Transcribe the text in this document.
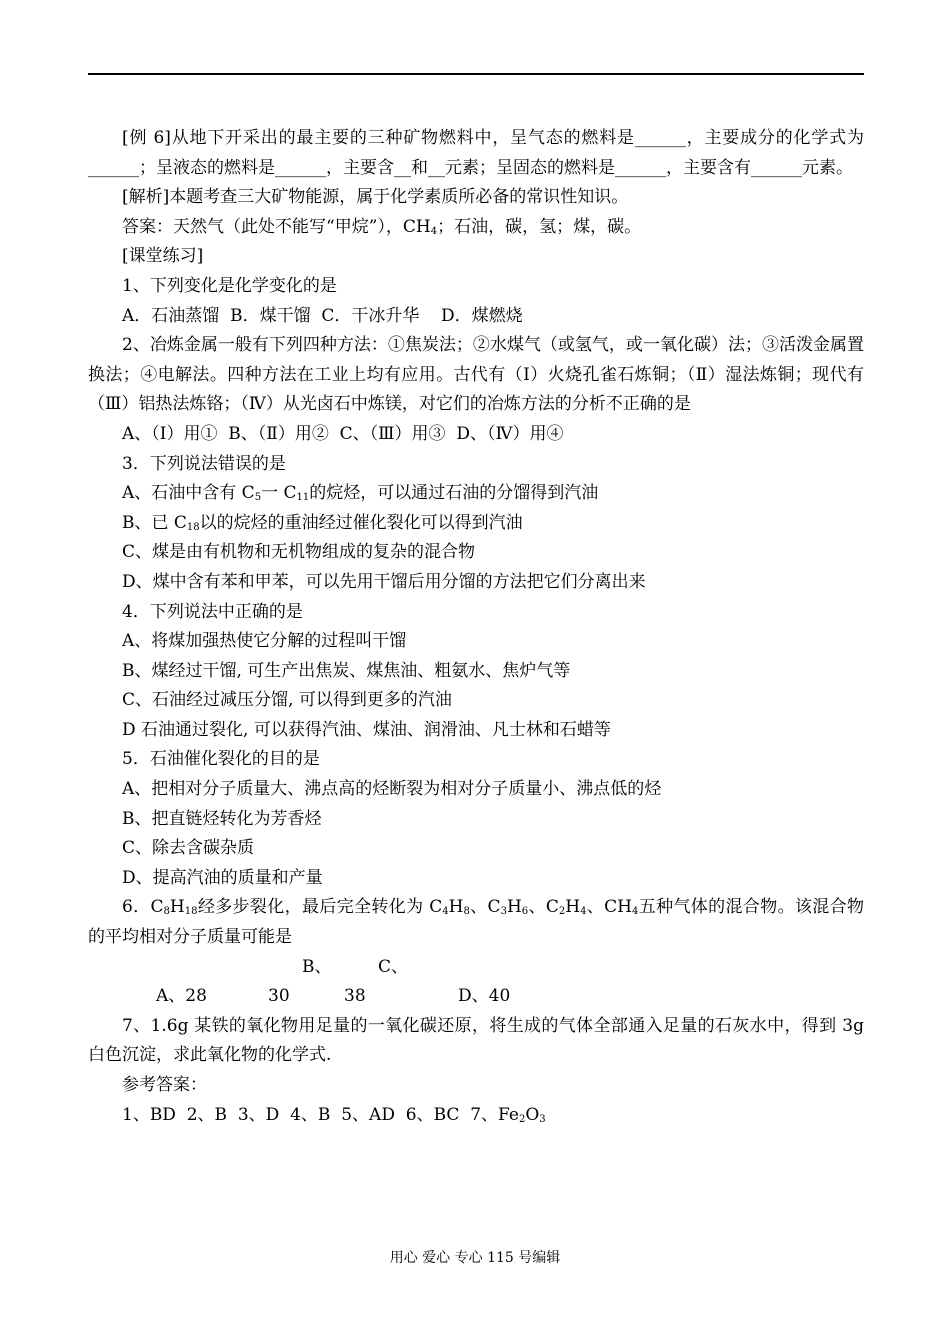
[例 6]从地下开采出的最主要的三种矿物燃料中，呈气态的燃料是______，主要成分的化学式为______；呈液态的燃料是______，主要含__和__元素；呈固态的燃料是______，主要含有______元素。

[解析]本题考查三大矿物能源，属于化学素质所必备的常识性知识。

答案：天然气（此处不能写“甲烷”），$CH_4$；石油，碳，氢；煤，碳。

[课堂练习]

1、下列变化是化学变化的是

A．石油蒸馏  B．煤干馏  C．干冰升华    D．煤燃烧

2、冶炼金属一般有下列四种方法：①焦炭法；②水煤气（或氢气，或一氧化碳）法；③活泼金属置换法；④电解法。四种方法在工业上均有应用。古代有（Ⅰ）火烧孔雀石炼铜；（Ⅱ）湿法炼铜；现代有（Ⅲ）铝热法炼铬；（Ⅳ）从光卤石中炼镁，对它们的冶炼方法的分析不正确的是

A、（Ⅰ）用①  B、（Ⅱ）用②  C、（Ⅲ）用③  D、（Ⅳ）用④

3．下列说法错误的是

A、石油中含有 $C_5$一 $C_{11}$的烷烃，可以通过石油的分馏得到汽油

B、已 $C_{18}$以的烷烃的重油经过催化裂化可以得到汽油

C、煤是由有机物和无机物组成的复杂的混合物

D、煤中含有苯和甲苯，可以先用干馏后用分馏的方法把它们分离出来

4．下列说法中正确的是

A、将煤加强热使它分解的过程叫干馏

B、煤经过干馏, 可生产出焦炭、煤焦油、粗氨水、焦炉气等

C、石油经过减压分馏, 可以得到更多的汽油

D 石油通过裂化, 可以获得汽油、煤油、润滑油、凡士林和石蜡等

5．石油催化裂化的目的是

A、把相对分子质量大、沸点高的烃断裂为相对分子质量小、沸点低的烃

B、把直链烃转化为芳香烃

C、除去含碳杂质

D、提高汽油的质量和产量

6．$C_8H_{18}$经多步裂化，最后完全转化为 $C_4H_8$、$C_3H_6$、$C_2H_4$、$CH_4$五种气体的混合物。该混合物的平均相对分子质量可能是

A、28B、30C、38	D、40

7、1.6g 某铁的氧化物用足量的一氧化碳还原，将生成的气体全部通入足量的石灰水中，得到 3g 白色沉淀，求此氧化物的化学式.

参考答案：

1、BD  2、B  3、D  4、B  5、AD  6、BC  7、$Fe_2O_3$

用心 爱心 专心 115 号编辑
